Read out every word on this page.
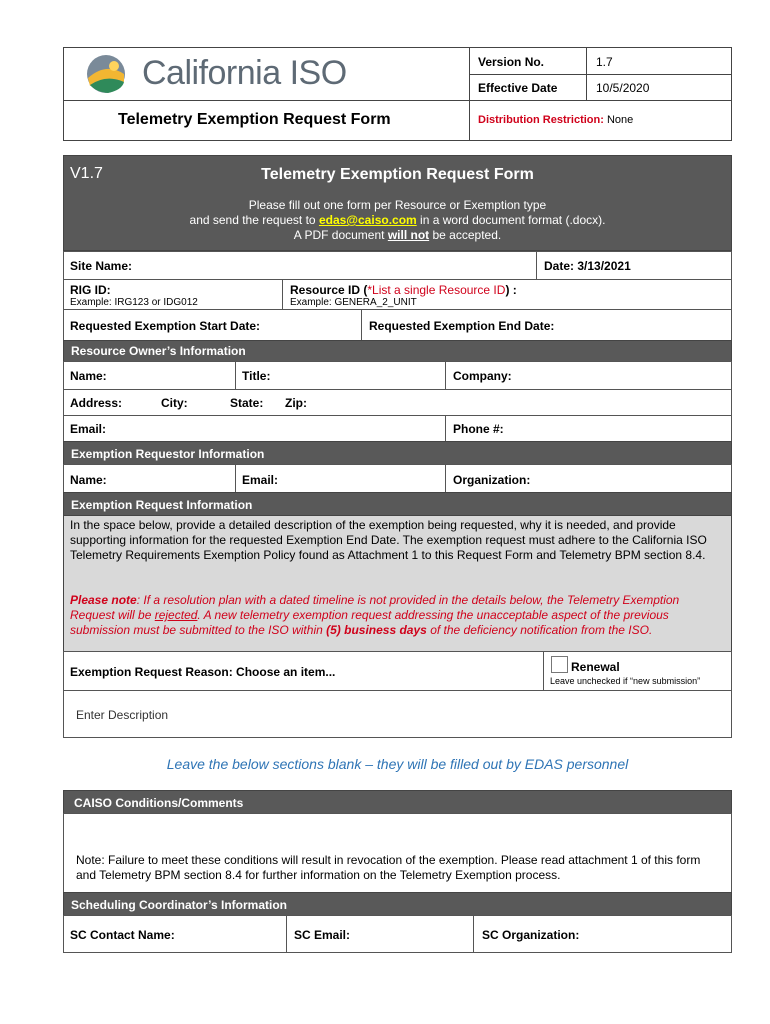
California ISO
Telemetry Exemption Request Form
Version No.	1.7
Effective Date	10/5/2020
Distribution Restriction: None
V1.7	Telemetry Exemption Request Form
Please fill out one form per Resource or Exemption type
and send the request to edas@caiso.com in a word document format (.docx).
A PDF document will not be accepted.
Site Name:	Date: 3/13/2021
RIG ID:
Example: IRG123 or IDG012
Resource ID (*List a single Resource ID) :
Example: GENERA_2_UNIT
Requested Exemption Start Date:	Requested Exemption End Date:
Resource Owner’s Information
Name:	Title:	Company:
Address:	City:	State: Zip:
Email:	Phone #:
Exemption Requestor Information
Name:	Email:	Organization:
Exemption Request Information
In the space below, provide a detailed description of the exemption being requested, why it is needed, and provide supporting information for the requested Exemption End Date. The exemption request must adhere to the California ISO Telemetry Requirements Exemption Policy found as Attachment 1 to this Request Form and Telemetry BPM section 8.4.
Please note: If a resolution plan with a dated timeline is not provided in the details below, the Telemetry Exemption Request will be rejected. A new telemetry exemption request addressing the unacceptable aspect of the previous submission must be submitted to the ISO within (5) business days of the deficiency notification from the ISO.
Exemption Request Reason: Choose an item...	Renewal
Leave unchecked if “new submission”
Enter Description
Leave the below sections blank – they will be filled out by EDAS personnel
CAISO Conditions/Comments
Note: Failure to meet these conditions will result in revocation of the exemption. Please read attachment 1 of this form and Telemetry BPM section 8.4 for further information on the Telemetry Exemption process.
Scheduling Coordinator’s Information
SC Contact Name:	SC Email:	SC Organization:
